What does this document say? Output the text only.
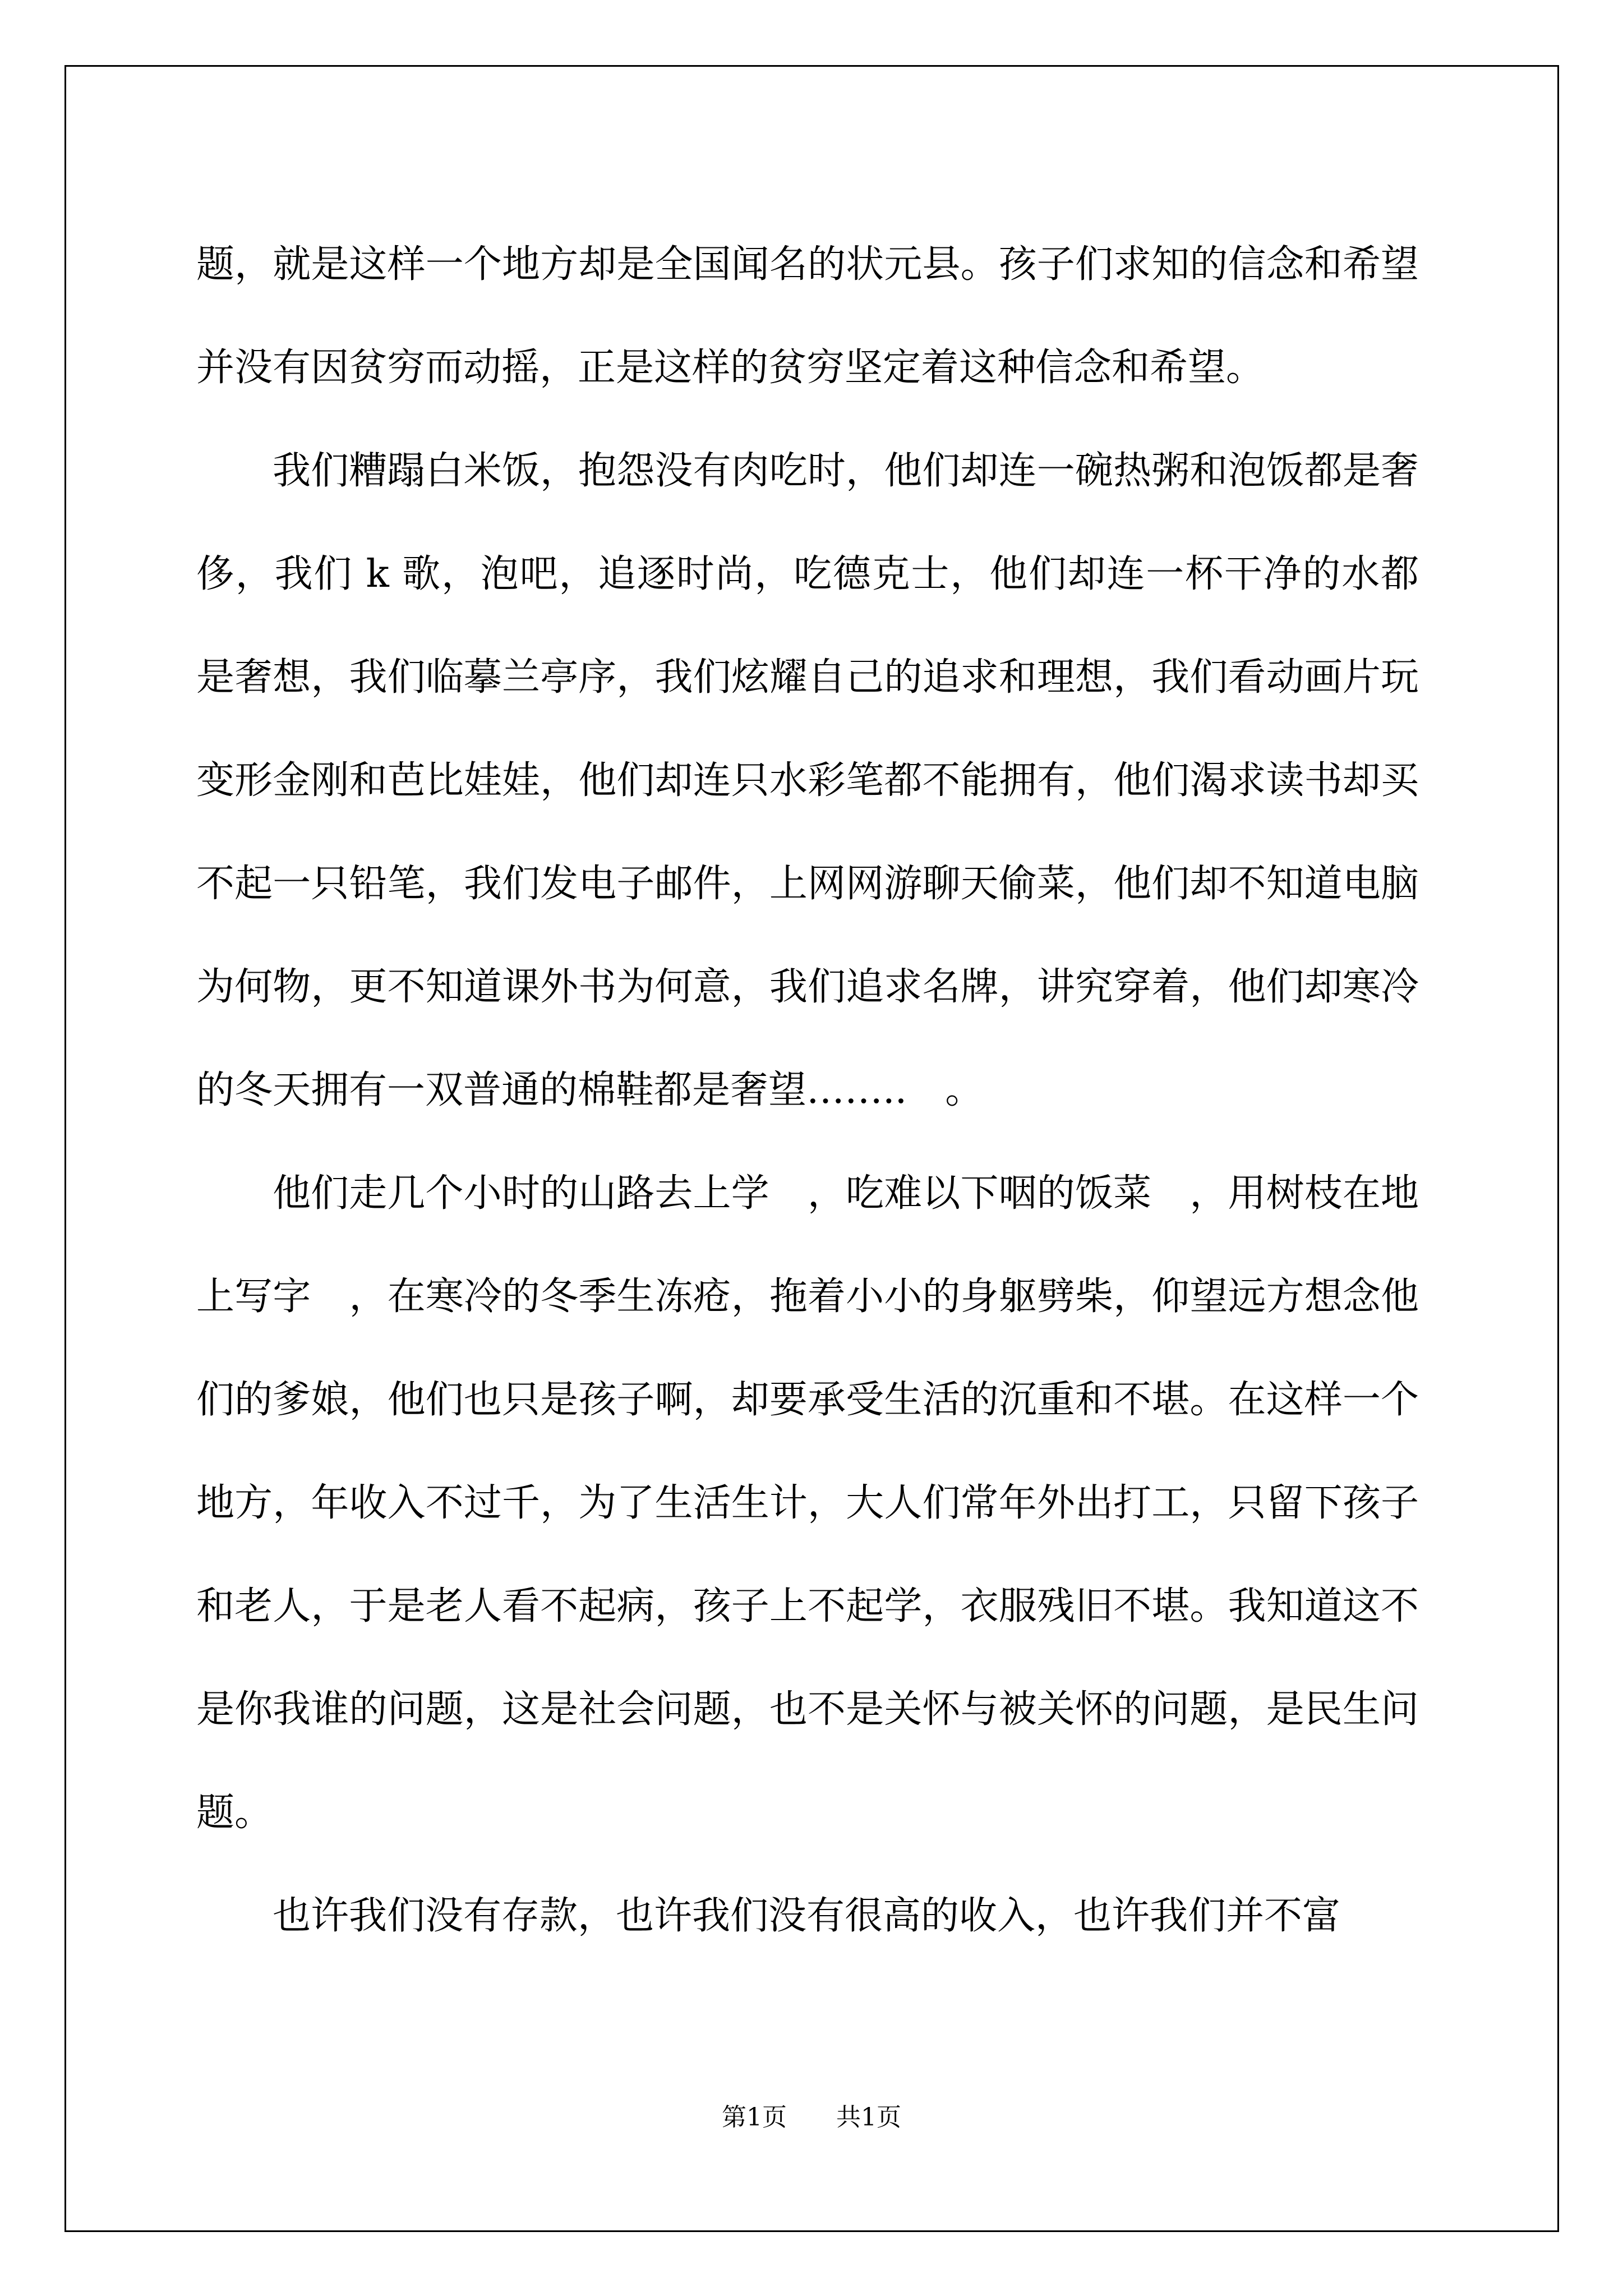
题，就是这样一个地方却是全国闻名的状元县。孩子们求知的信念和希望并没有因贫穷而动摇，正是这样的贫穷坚定着这种信念和希望。

我们糟蹋白米饭，抱怨没有肉吃时，他们却连一碗热粥和泡饭都是奢侈，我们 k 歌，泡吧，追逐时尚，吃德克士，他们却连一杯干净的水都是奢想，我们临摹兰亭序，我们炫耀自己的追求和理想，我们看动画片玩变形金刚和芭比娃娃，他们却连只水彩笔都不能拥有，他们渴求读书却买不起一只铅笔，我们发电子邮件，上网网游聊天偷菜，他们却不知道电脑为何物，更不知道课外书为何意，我们追求名牌，讲究穿着，他们却寒冷的冬天拥有一双普通的棉鞋都是奢望……..　。

他们走几个小时的山路去上学　，吃难以下咽的饭菜　，用树枝在地上写字　，在寒冷的冬季生冻疮，拖着小小的身躯劈柴，仰望远方想念他们的爹娘，他们也只是孩子啊，却要承受生活的沉重和不堪。在这样一个地方，年收入不过千，为了生活生计，大人们常年外出打工，只留下孩子和老人，于是老人看不起病，孩子上不起学，衣服残旧不堪。我知道这不是你我谁的问题，这是社会问题，也不是关怀与被关怀的问题，是民生问题。

也许我们没有存款，也许我们没有很高的收入，也许我们并不富

第1页 共1页
